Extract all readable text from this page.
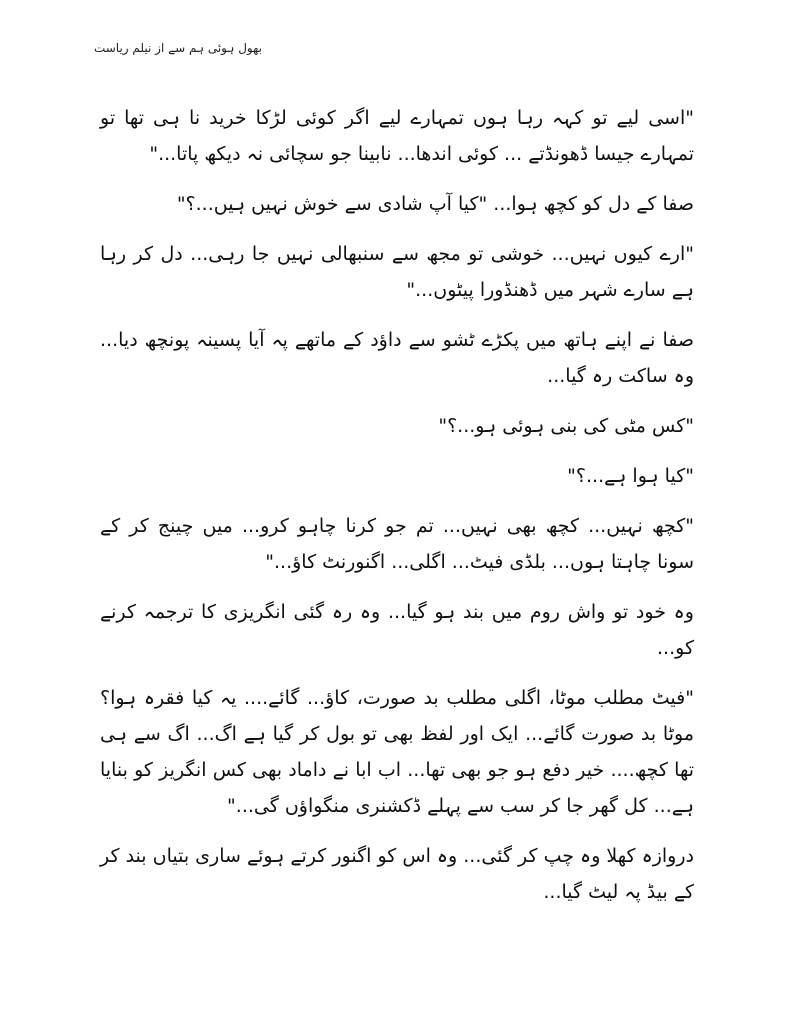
بھول ہوئی ہم سے از نیلم ریاست

"اسی لیے تو کہہ رہا ہوں تمہارے لیے اگر کوئی لڑکا خرید نا ہی تھا تو تمہارے جیسا ڈھونڈتے ... کوئی اندھا... نابینا جو سچائی نہ دیکھ پاتا..."

صفا کے دل کو کچھ ہوا... "کیا آپ شادی سے خوش نہیں ہیں...؟"

"ارے کیوں نہیں... خوشی تو مجھ سے سنبھالی نہیں جا رہی... دل کر رہا ہے سارے شہر میں ڈھنڈورا پیٹوں..."

صفا نے اپنے ہاتھ میں پکڑے ٹشو سے داؤد کے ماتھے پہ آیا پسینہ پونچھ دیا... وہ ساکت رہ گیا...

"کس مٹی کی بنی ہوئی ہو...؟"

"کیا ہوا ہے...؟"

"کچھ نہیں... کچھ بھی نہیں... تم جو کرنا چاہو کرو... میں چینج کر کے سونا چاہتا ہوں... بلڈی فیٹ... اگلی... اگنورنٹ کاؤ..."

وہ خود تو واش روم میں بند ہو گیا... وہ رہ گئی انگریزی کا ترجمہ کرنے کو...

"فیٹ مطلب موٹا، اگلی مطلب بد صورت، کاؤ... گائے.... یہ کیا فقرہ ہوا؟ موٹا بد صورت گائے... ایک اور لفظ بھی تو بول کر گیا ہے اگ... اگ سے ہی تھا کچھ.... خیر دفع ہو جو بھی تھا... اب ابا نے داماد بھی کس انگریز کو بنایا ہے... کل گھر جا کر سب سے پہلے ڈکشنری منگواؤں گی..."

دروازہ کھلا وہ چپ کر گئی... وہ اس کو اگنور کرتے ہوئے ساری بتیاں بند کر کے بیڈ پہ لیٹ گیا...
